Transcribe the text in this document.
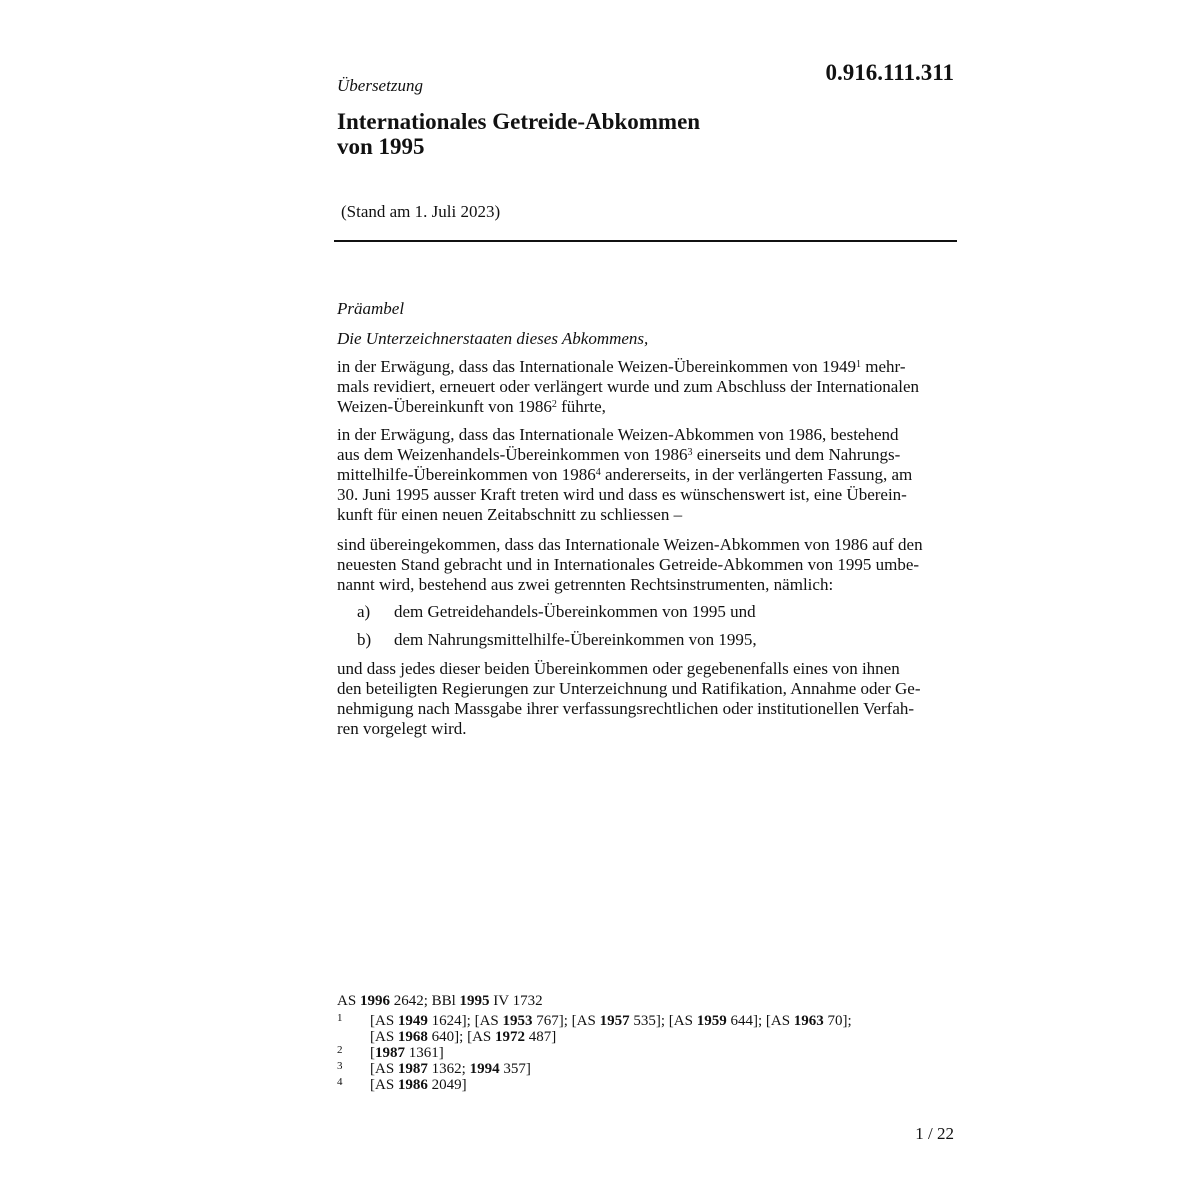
Übersetzung
0.916.111.311
Internationales Getreide-Abkommen
von 1995
(Stand am 1. Juli 2023)
Präambel
Die Unterzeichnerstaaten dieses Abkommens,
in der Erwägung, dass das Internationale Weizen-Übereinkommen von 1949$^1$ mehr-
mals revidiert, erneuert oder verlängert wurde und zum Abschluss der Internationalen
Weizen-Übereinkunft von 1986$^2$ führte,
in der Erwägung, dass das Internationale Weizen-Abkommen von 1986, bestehend
aus dem Weizenhandels-Übereinkommen von 1986$^3$ einerseits und dem Nahrungs-
mittelhilfe-Übereinkommen von 1986$^4$ andererseits, in der verlängerten Fassung, am
30. Juni 1995 ausser Kraft treten wird und dass es wünschenswert ist, eine Überein-
kunft für einen neuen Zeitabschnitt zu schliessen –
sind übereingekommen, dass das Internationale Weizen-Abkommen von 1986 auf den
neuesten Stand gebracht und in Internationales Getreide-Abkommen von 1995 umbe-
nannt wird, bestehend aus zwei getrennten Rechtsinstrumenten, nämlich:
a) dem Getreidehandels-Übereinkommen von 1995 und
b) dem Nahrungsmittelhilfe-Übereinkommen von 1995,
und dass jedes dieser beiden Übereinkommen oder gegebenenfalls eines von ihnen
den beteiligten Regierungen zur Unterzeichnung und Ratifikation, Annahme oder Ge-
nehmigung nach Massgabe ihrer verfassungsrechtlichen oder institutionellen Verfah-
ren vorgelegt wird.
AS 1996 2642; BBl 1995 IV 1732
1 [AS 1949 1624]; [AS 1953 767]; [AS 1957 535]; [AS 1959 644]; [AS 1963 70];
[AS 1968 640]; [AS 1972 487]
2 [1987 1361]
3 [AS 1987 1362; 1994 357]
4 [AS 1986 2049]
1 / 22
